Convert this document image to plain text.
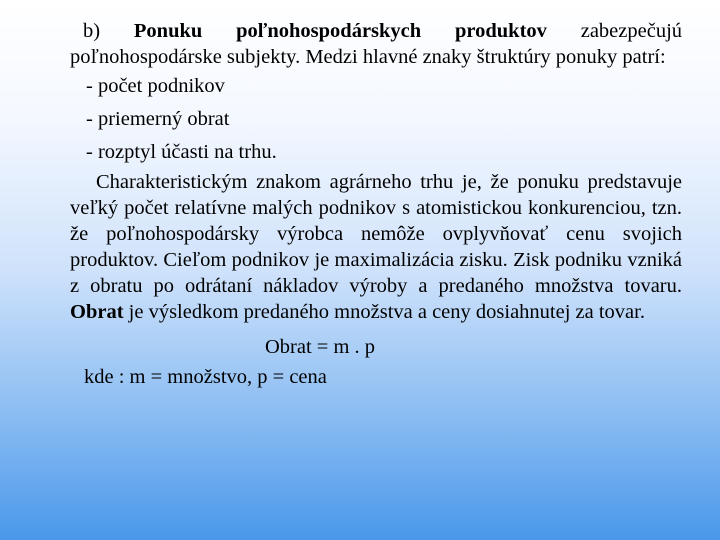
b) Ponuku poľnohospodárskych produktov zabezpečujú poľnohospodárske subjekty. Medzi hlavné znaky štruktúry ponuky patrí:

- počet podnikov
- priemerný obrat
- rozptyl účasti na trhu.

Charakteristickým znakom agrárneho trhu je, že ponuku predstavuje veľký počet relatívne malých podnikov s atomistickou konkurenciou, tzn. že poľnohospodársky výrobca nemôže ovplyvňovať cenu svojich produktov. Cieľom podnikov je maximalizácia zisku. Zisk podniku vzniká z obratu po odrátaní nákladov výroby a predaného množstva tovaru. Obrat je výsledkom predaného množstva a ceny dosiahnutej za tovar.

Obrat = m . p
kde : m = množstvo, p = cena
